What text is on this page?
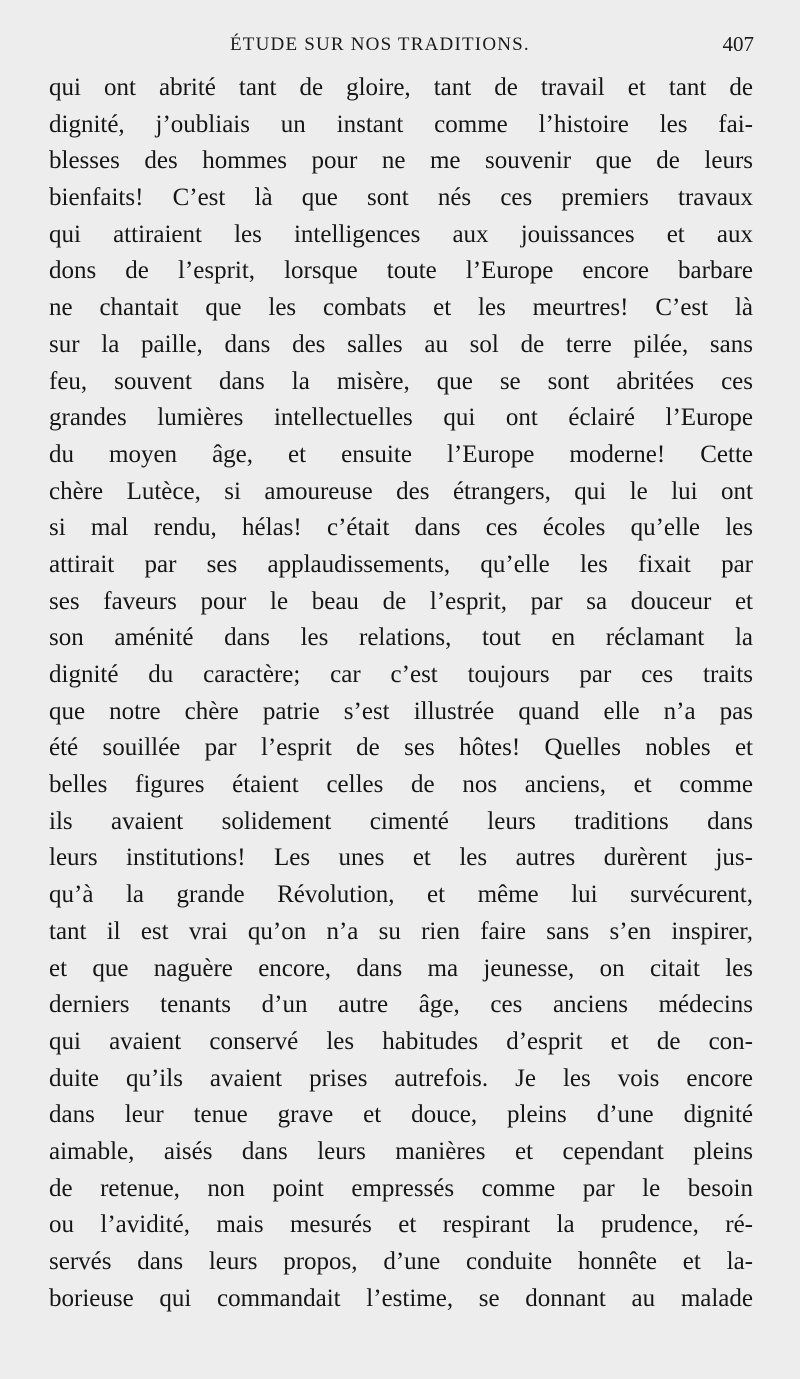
ÉTUDE SUR NOS TRADITIONS.	407
qui ont abrité tant de gloire, tant de travail et tant de
dignité, j’oubliais un instant comme l’histoire les fai-
blesses des hommes pour ne me souvenir que de leurs
bienfaits! C’est là que sont nés ces premiers travaux
qui attiraient les intelligences aux jouissances et aux
dons de l’esprit, lorsque toute l’Europe encore barbare
ne chantait que les combats et les meurtres! C’est là
sur la paille, dans des salles au sol de terre pilée, sans
feu, souvent dans la misère, que se sont abritées ces
grandes lumières intellectuelles qui ont éclairé l’Europe
du moyen âge, et ensuite l’Europe moderne! Cette
chère Lutèce, si amoureuse des étrangers, qui le lui ont
si mal rendu, hélas! c’était dans ces écoles qu’elle les
attirait par ses applaudissements, qu’elle les fixait par
ses faveurs pour le beau de l’esprit, par sa douceur et
son aménité dans les relations, tout en réclamant la
dignité du caractère; car c’est toujours par ces traits
que notre chère patrie s’est illustrée quand elle n’a pas
été souillée par l’esprit de ses hôtes! Quelles nobles et
belles figures étaient celles de nos anciens, et comme
ils avaient solidement cimenté leurs traditions dans
leurs institutions! Les unes et les autres durèrent jus-
qu’à la grande Révolution, et même lui survécurent,
tant il est vrai qu’on n’a su rien faire sans s’en inspirer,
et que naguère encore, dans ma jeunesse, on citait les
derniers tenants d’un autre âge, ces anciens médecins
qui avaient conservé les habitudes d’esprit et de con-
duite qu’ils avaient prises autrefois. Je les vois encore
dans leur tenue grave et douce, pleins d’une dignité
aimable, aisés dans leurs manières et cependant pleins
de retenue, non point empressés comme par le besoin
ou l’avidité, mais mesurés et respirant la prudence, ré-
servés dans leurs propos, d’une conduite honnête et la-
borieuse qui commandait l’estime, se donnant au malade
